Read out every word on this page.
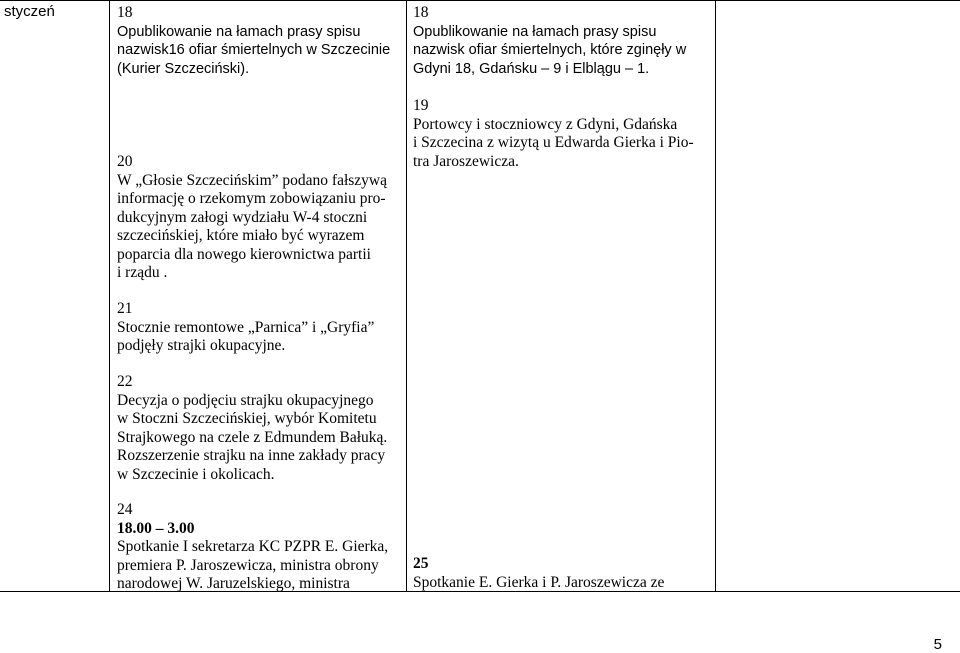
styczeń	18
Opublikowanie na łamach prasy spisu
nazwisk16 ofiar śmiertelnych w Szczecinie
(Kurier Szczeciński).
20
W „Głosie Szczecińskim” podano fałszywą
informację o rzekomym zobowiązaniu pro-
dukcyjnym załogi wydziału W-4 stoczni
szczecińskiej, które miało być wyrazem
poparcia dla nowego kierownictwa partii
i rządu .
21
Stocznie remontowe „Parnica” i „Gryfia”
podjęły strajki okupacyjne.
22
Decyzja o podjęciu strajku okupacyjnego
w Stoczni Szczecińskiej, wybór Komitetu
Strajkowego na czele z Edmundem Bałuką.
Rozszerzenie strajku na inne zakłady pracy
w Szczecinie i okolicach.
24
18.00 – 3.00
Spotkanie I sekretarza KC PZPR E. Gierka,
premiera P. Jaroszewicza, ministra obrony
narodowej W. Jaruzelskiego, ministra
18
Opublikowanie na łamach prasy spisu
nazwisk ofiar śmiertelnych, które zginęły w
Gdyni 18, Gdańsku – 9 i Elblągu – 1.
19
Portowcy i stoczniowcy z Gdyni, Gdańska
i Szczecina z wizytą u Edwarda Gierka i Pio-
tra Jaroszewicza.
25
Spotkanie E. Gierka i P. Jaroszewicza ze
5
